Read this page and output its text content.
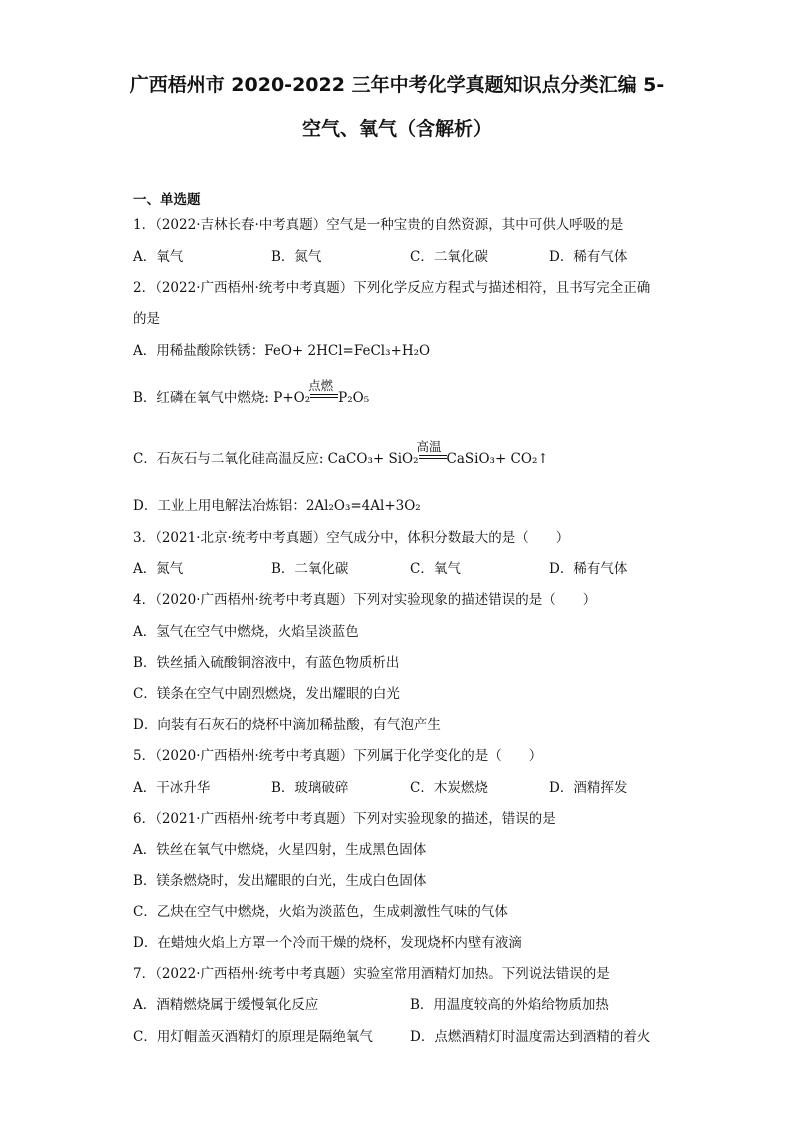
广西梧州市 2020-2022 三年中考化学真题知识点分类汇编 5-
空气、氧气（含解析）
一、单选题
1．（2022·吉林长春·中考真题）空气是一种宝贵的自然资源，其中可供人呼吸的是
A．氧气	B．氮气	C．二氧化碳	D．稀有气体
2．（2022·广西梧州·统考中考真题）下列化学反应方程式与描述相符，且书写完全正确
的是
A．用稀盐酸除铁锈：FeO+ 2HCl=FeCl₃+H₂O
B．红磷在氧气中燃烧: P+O₂
点燃
P₂O₅
C．石灰石与二氧化硅高温反应: CaCO₃+ SiO₂
高温
CaSiO₃+ CO₂↑
D．工业上用电解法冶炼铝：2Al₂O₃=4Al+3O₂
3．（2021·北京·统考中考真题）空气成分中，体积分数最大的是（　　）
A．氮气	B．二氧化碳	C．氧气	D．稀有气体
4．（2020·广西梧州·统考中考真题）下列对实验现象的描述错误的是（　　）
A．氢气在空气中燃烧，火焰呈淡蓝色
B．铁丝插入硫酸铜溶液中，有蓝色物质析出
C．镁条在空气中剧烈燃烧，发出耀眼的白光
D．向装有石灰石的烧杯中滴加稀盐酸，有气泡产生
5．（2020·广西梧州·统考中考真题）下列属于化学变化的是（　　）
A．干冰升华	B．玻璃破碎	C．木炭燃烧	D．酒精挥发
6．（2021·广西梧州·统考中考真题）下列对实验现象的描述，错误的是
A．铁丝在氧气中燃烧，火星四射，生成黑色固体
B．镁条燃烧时，发出耀眼的白光，生成白色固体
C．乙炔在空气中燃烧，火焰为淡蓝色，生成刺激性气味的气体
D．在蜡烛火焰上方罩一个冷而干燥的烧杯，发现烧杯内壁有液滴
7．（2022·广西梧州·统考中考真题）实验室常用酒精灯加热。下列说法错误的是
A．酒精燃烧属于缓慢氧化反应	B．用温度较高的外焰给物质加热
C．用灯帽盖灭酒精灯的原理是隔绝氧气	D．点燃酒精灯时温度需达到酒精的着火
